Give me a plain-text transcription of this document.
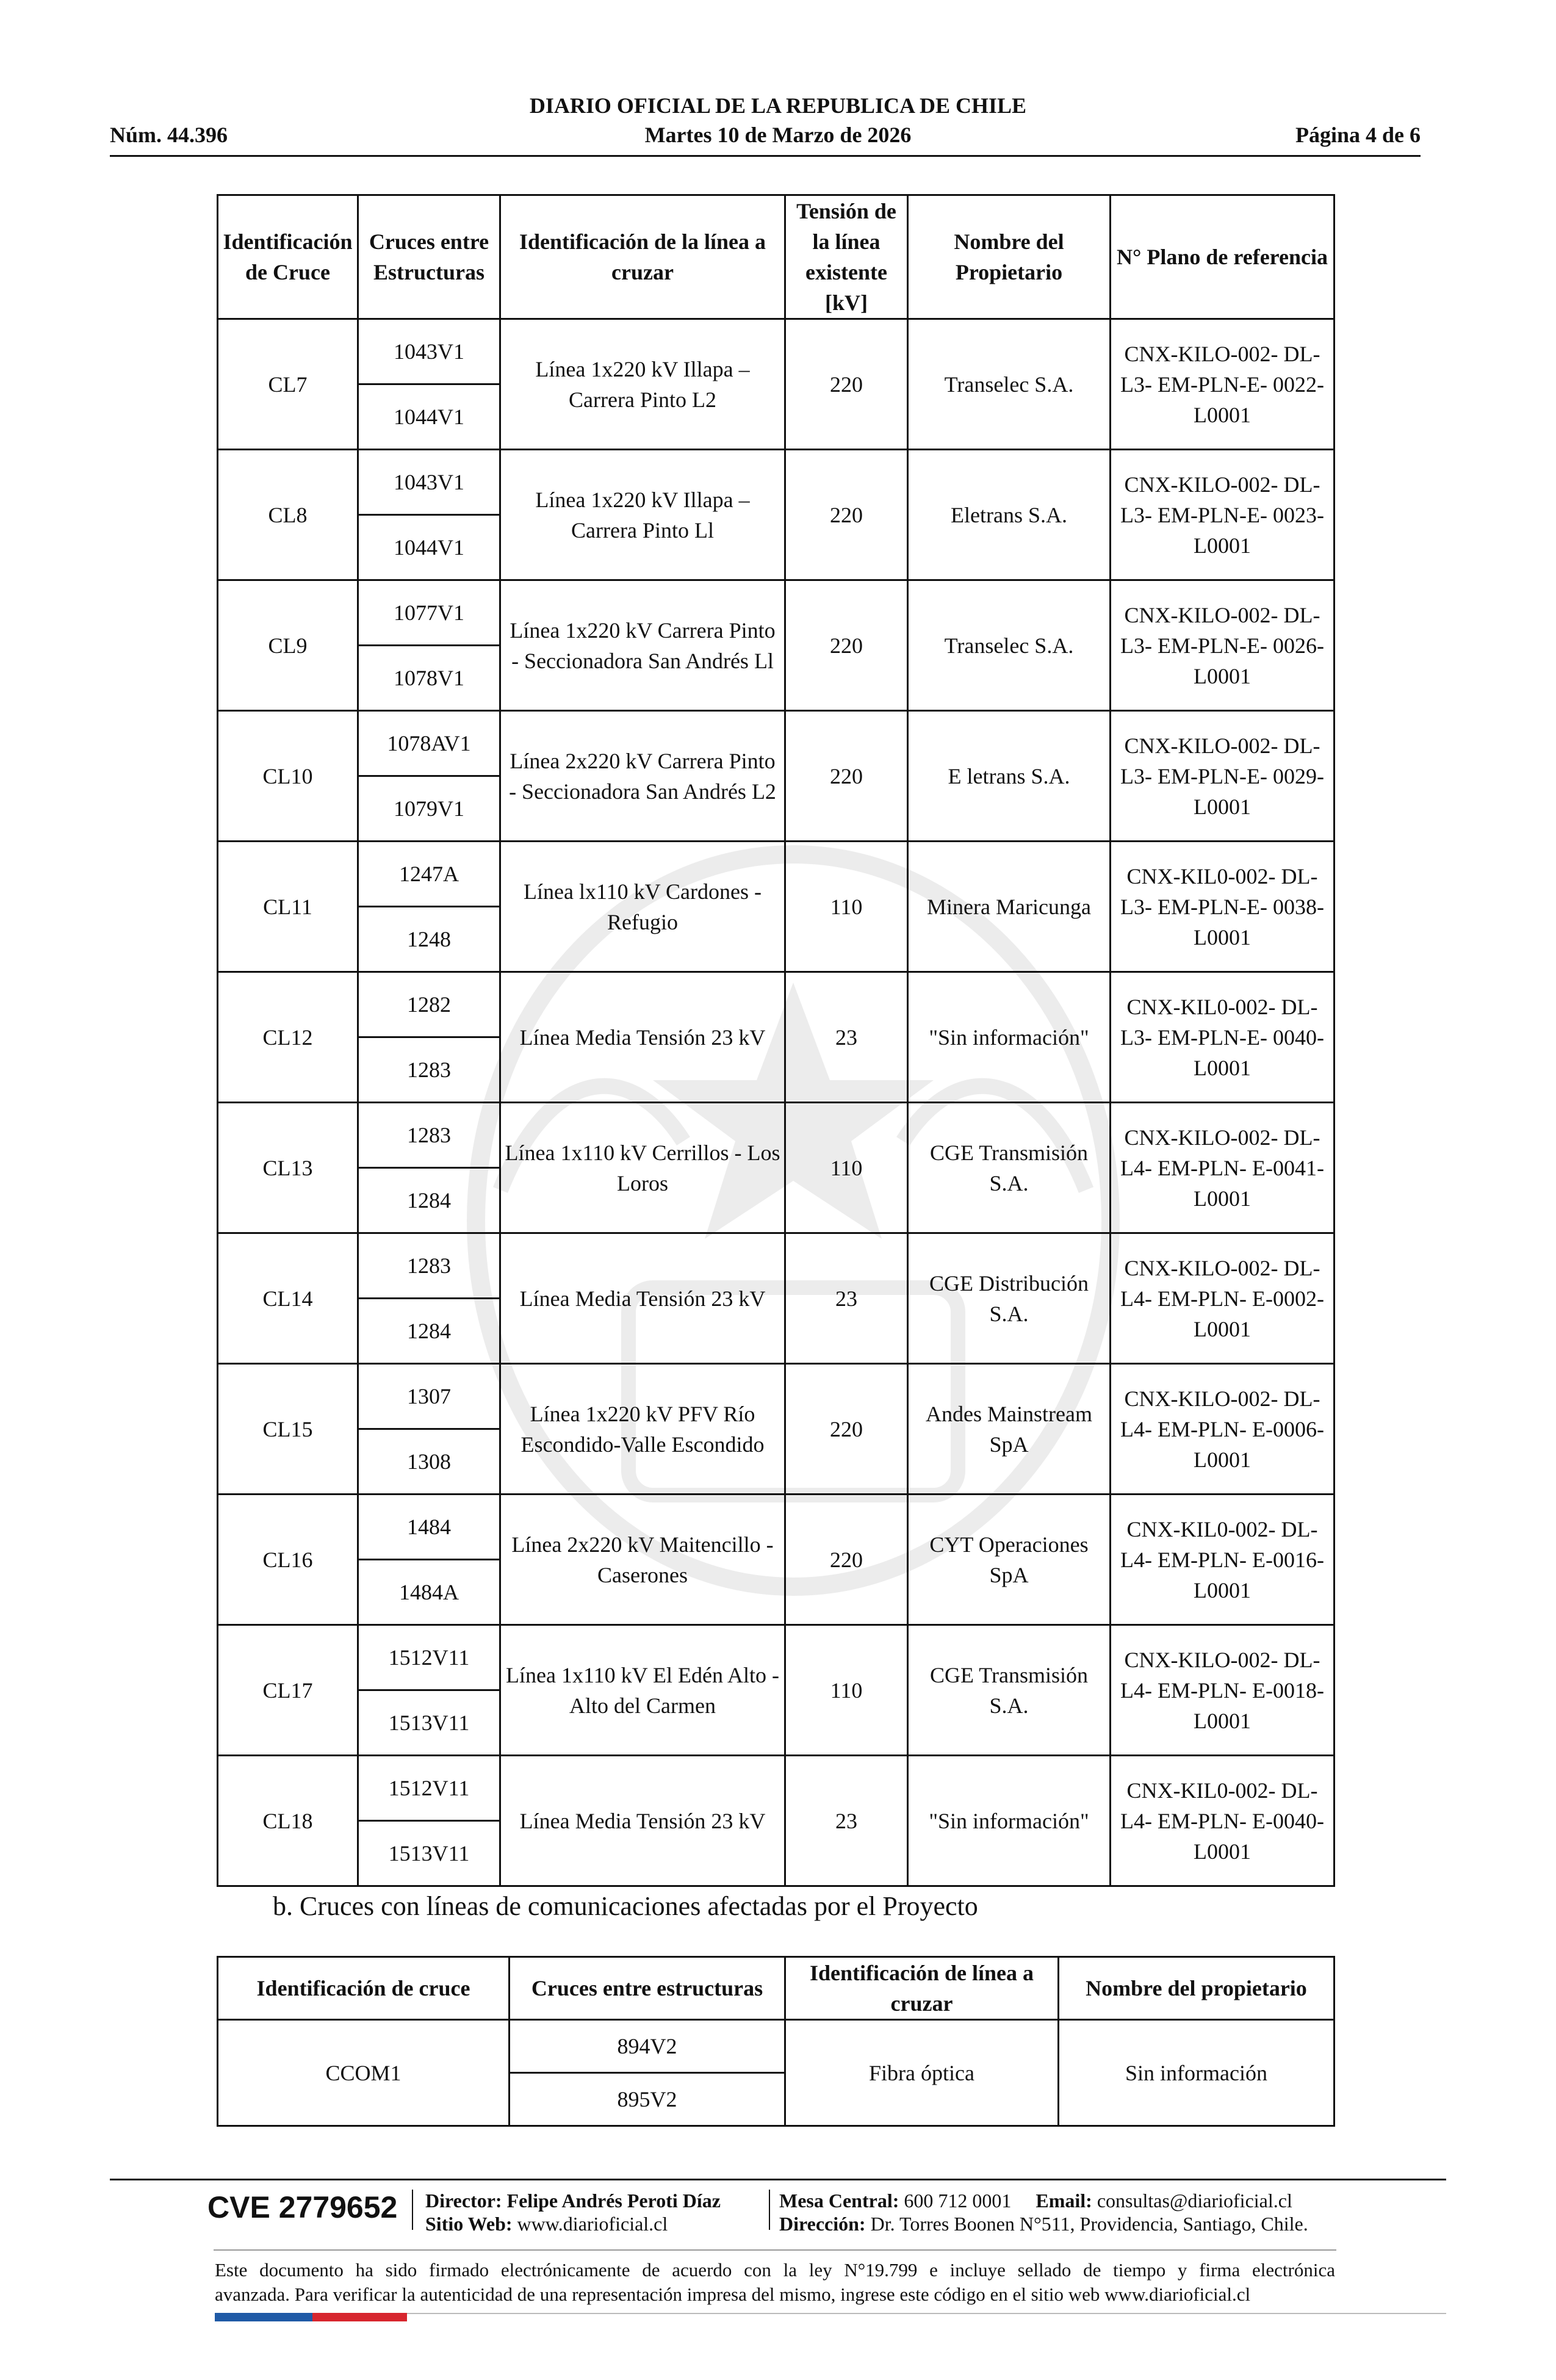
DIARIO OFICIAL DE LA REPUBLICA DE CHILE
Núm. 44.396	Martes 10 de Marzo de 2026	Página 4 de 6
Identificación de Cruce	Cruces entre Estructuras	Identificación de la línea a cruzar	Tensión de la línea existente [kV]	Nombre del Propietario	N° Plano de referencia
CL7	1043V1	Línea 1x220 kV Illapa – Carrera Pinto L2	220	Transelec S.A.	CNX-KILO-002- DL-L3- EM-PLN-E- 0022- L0001
	1044V1				
CL8	1043V1	Línea 1x220 kV Illapa – Carrera Pinto Ll	220	Eletrans S.A.	CNX-KILO-002- DL-L3- EM-PLN-E- 0023- L0001
	1044V1				
CL9	1077V1	Línea 1x220 kV Carrera Pinto - Seccionadora San Andrés Ll	220	Transelec S.A.	CNX-KILO-002- DL-L3- EM-PLN-E- 0026- L0001
	1078V1				
CL10	1078AV1	Línea 2x220 kV Carrera Pinto - Seccionadora San Andrés L2	220	E letrans S.A.	CNX-KILO-002- DL-L3- EM-PLN-E- 0029- L0001
	1079V1				
CL11	1247A	Línea lx110 kV Cardones - Refugio	110	Minera Maricunga	CNX-KIL0-002- DL-L3- EM-PLN-E- 0038- L0001
	1248				
CL12	1282	Línea Media Tensión 23 kV	23	"Sin información"	CNX-KIL0-002- DL-L3- EM-PLN-E- 0040- L0001
	1283				
CL13	1283	Línea 1x110 kV Cerrillos - Los Loros	110	CGE Transmisión S.A.	CNX-KILO-002- DL-L4- EM-PLN- E-0041- L0001
	1284				
CL14	1283	Línea Media Tensión 23 kV	23	CGE Distribución S.A.	CNX-KILO-002- DL-L4- EM-PLN- E-0002- L0001
	1284				
CL15	1307	Línea 1x220 kV PFV Río Escondido-Valle Escondido	220	Andes Mainstream SpA	CNX-KILO-002- DL-L4- EM-PLN- E-0006- L0001
	1308				
CL16	1484	Línea 2x220 kV Maitencillo - Caserones	220	CYT Operaciones SpA	CNX-KIL0-002- DL-L4- EM-PLN- E-0016- L0001
	1484A				
CL17	1512V11	Línea 1x110 kV El Edén Alto - Alto del Carmen	110	CGE Transmisión S.A.	CNX-KILO-002- DL-L4- EM-PLN- E-0018- L0001
	1513V11				
CL18	1512V11	Línea Media Tensión 23 kV	23	"Sin información"	CNX-KIL0-002- DL-L4- EM-PLN- E-0040- L0001
	1513V11				
b. Cruces con líneas de comunicaciones afectadas por el Proyecto
Identificación de cruce	Cruces entre estructuras	Identificación de línea a cruzar	Nombre del propietario
CCOM1	894V2	Fibra óptica	Sin información
	895V2		
CVE 2779652 Director: Felipe Andrés Peroti Díaz
Sitio Web: www.diarioficial.cl
Mesa Central: 600 712 0001 Email: consultas@diarioficial.cl
Dirección: Dr. Torres Boonen N°511, Providencia, Santiago, Chile.
Este documento ha sido firmado electrónicamente de acuerdo con la ley N°19.799 e incluye sellado de tiempo y firma electrónica
avanzada. Para verificar la autenticidad de una representación impresa del mismo, ingrese este código en el sitio web www.diarioficial.cl
